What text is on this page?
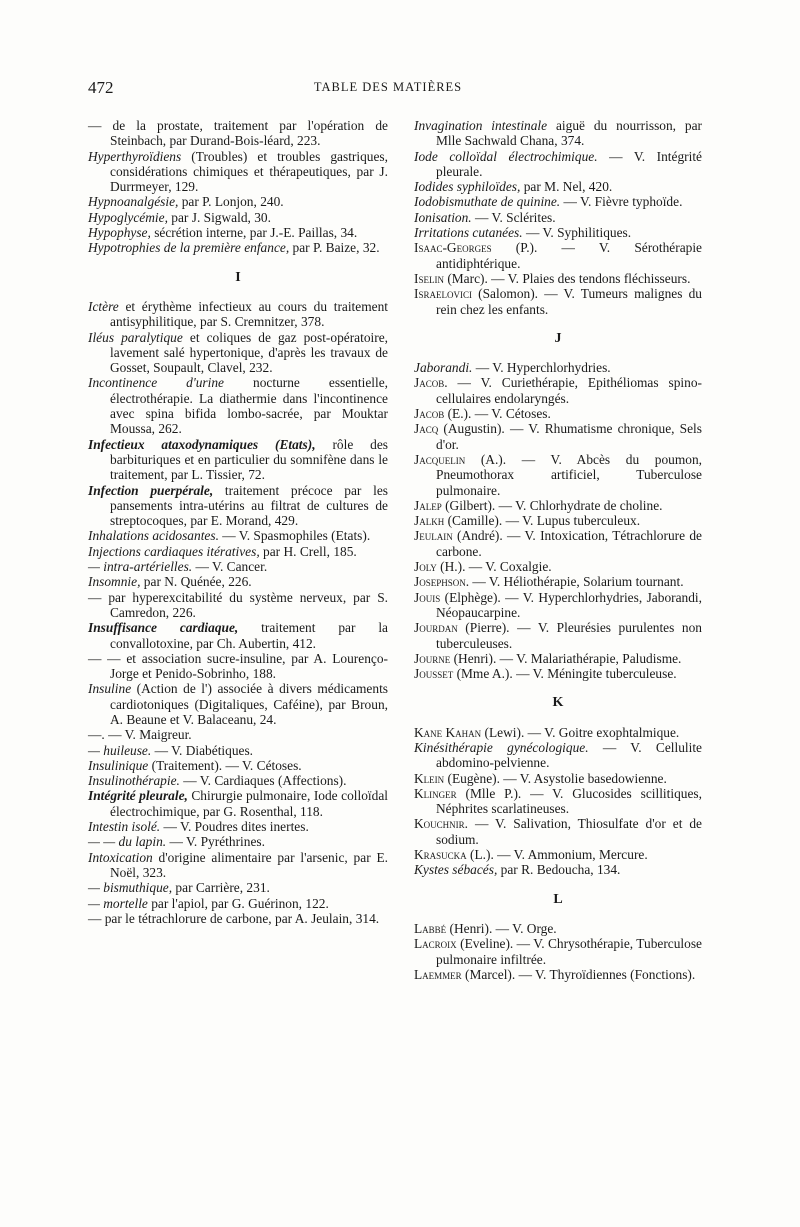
472	TABLE DES MATIÈRES

— de la prostate, traitement par l'opération de Steinbach, par Durand-Bois-léard, 223.

Hyperthyroïdiens (Troubles) et troubles gastriques, considérations chimiques et thérapeutiques, par J. Durrmeyer, 129.

Hypnoanalgésie, par P. Lonjon, 240.

Hypoglycémie, par J. Sigwald, 30.

Hypophyse, sécrétion interne, par J.-E. Paillas, 34.

Hypotrophies de la première enfance, par P. Baize, 32.

I

Ictère et érythème infectieux au cours du traitement antisyphilitique, par S. Cremnitzer, 378.

Iléus paralytique et coliques de gaz post-opératoire, lavement salé hypertonique, d'après les travaux de Gosset, Soupault, Clavel, 232.

Incontinence d'urine nocturne essentielle, électrothérapie. La diathermie dans l'incontinence avec spina bifida lombo-sacrée, par Mouktar Moussa, 262.

Infectieux ataxodynamiques (Etats), rôle des barbituriques et en particulier du somnifène dans le traitement, par L. Tissier, 72.

Infection puerpérale, traitement précoce par les pansements intra-utérins au filtrat de cultures de streptocoques, par E. Morand, 429.

Inhalations acidosantes. — V. Spasmophiles (Etats).

Injections cardiaques itératives, par H. Crell, 185.

— intra-artérielles. — V. Cancer.

Insomnie, par N. Quénée, 226.

— par hyperexcitabilité du système nerveux, par S. Camredon, 226.

Insuffisance cardiaque, traitement par la convallotoxine, par Ch. Aubertin, 412.

— — et association sucre-insuline, par A. Lourenço-Jorge et Penido-Sobrinho, 188.

Insuline (Action de l') associée à divers médicaments cardiotoniques (Digitaliques, Caféine), par Broun, A. Beaune et V. Balaceanu, 24.

—. — V. Maigreur.

— huileuse. — V. Diabétiques.

Insulinique (Traitement). — V. Cétoses.

Insulinothérapie. — V. Cardiaques (Affections).

Intégrité pleurale, Chirurgie pulmonaire, Iode colloïdal électrochimique, par G. Rosenthal, 118.

Intestin isolé. — V. Poudres dites inertes.

— — du lapin. — V. Pyréthrines.

Intoxication d'origine alimentaire par l'arsenic, par E. Noël, 323.

— bismuthique, par Carrière, 231.

— mortelle par l'apiol, par G. Guérinon, 122.

— par le tétrachlorure de carbone, par A. Jeulain, 314.

Invagination intestinale aiguë du nourrisson, par Mlle Sachwald Chana, 374.

Iode colloïdal électrochimique. — V. Intégrité pleurale.

Iodides syphiloïdes, par M. Nel, 420.

Iodobismuthate de quinine. — V. Fièvre typhoïde.

Ionisation. — V. Sclérites.

Irritations cutanées. — V. Syphilitiques.

Isaac-Georges (P.). — V. Sérothérapie antidiphtérique.

Iselin (Marc). — V. Plaies des tendons fléchisseurs.

Israelovici (Salomon). — V. Tumeurs malignes du rein chez les enfants.

J

Jaborandi. — V. Hyperchlorhydries.

Jacob. — V. Curiethérapie, Epithéliomas spino-cellulaires endolaryngés.

Jacob (E.). — V. Cétoses.

Jacq (Augustin). — V. Rhumatisme chronique, Sels d'or.

Jacquelin (A.). — V. Abcès du poumon, Pneumothorax artificiel, Tuberculose pulmonaire.

Jalep (Gilbert). — V. Chlorhydrate de choline.

Jalkh (Camille). — V. Lupus tuberculeux.

Jeulain (André). — V. Intoxication, Tétrachlorure de carbone.

Joly (H.). — V. Coxalgie.

Josephson. — V. Héliothérapie, Solarium tournant.

Jouis (Elphège). — V. Hyperchlorhydries, Jaborandi, Néopaucarpine.

Jourdan (Pierre). — V. Pleurésies purulentes non tuberculeuses.

Journe (Henri). — V. Malariathérapie, Paludisme.

Jousset (Mme A.). — V. Méningite tuberculeuse.

K

Kane Kahan (Lewi). — V. Goitre exophtalmique.

Kinésithérapie gynécologique. — V. Cellulite abdomino-pelvienne.

Klein (Eugène). — V. Asystolie basedowienne.

Klinger (Mlle P.). — V. Glucosides scillitiques, Néphrites scarlatineuses.

Kouchnir. — V. Salivation, Thiosulfate d'or et de sodium.

Krasucka (L.). — V. Ammonium, Mercure.

Kystes sébacés, par R. Bedoucha, 134.

L

Labbé (Henri). — V. Orge.

Lacroix (Eveline). — V. Chrysothérapie, Tuberculose pulmonaire infiltrée.

Laemmer (Marcel). — V. Thyroïdiennes (Fonctions).
